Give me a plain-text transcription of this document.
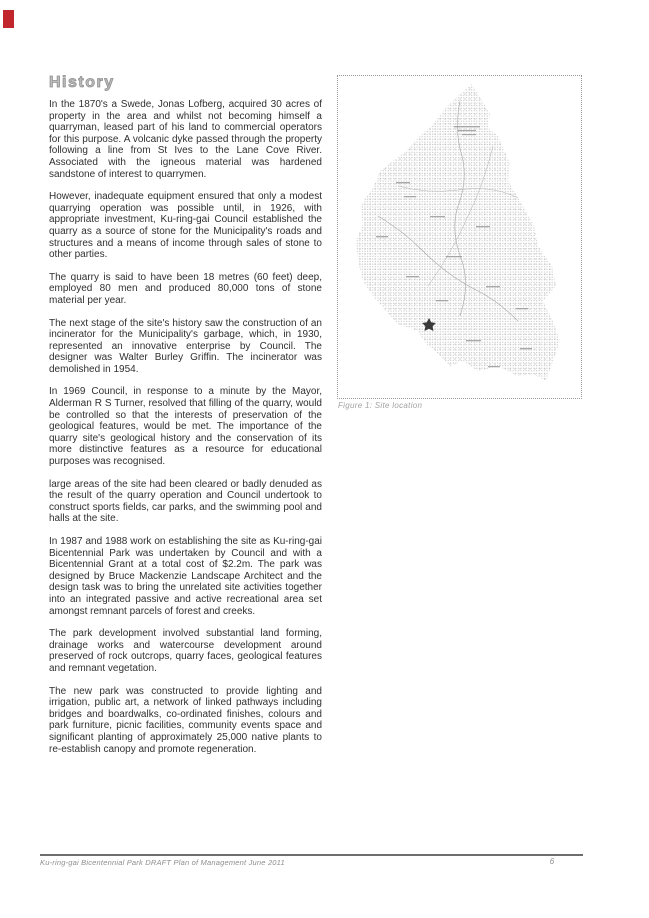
History

In the 1870's a Swede, Jonas Lofberg, acquired 30 acres of property in the area and whilst not becoming himself a quarryman, leased part of his land to commercial operators for this purpose. A volcanic dyke passed through the property following a line from St Ives to the Lane Cove River. Associated with the igneous material was hardened sandstone of interest to quarrymen.

However, inadequate equipment ensured that only a modest quarrying operation was possible until, in 1926, with appropriate investment, Ku-ring-gai Council established the quarry as a source of stone for the Municipality's roads and structures and a means of income through sales of stone to other parties.

The quarry is said to have been 18 metres (60 feet) deep, employed 80 men and produced 80,000 tons of stone material per year.

The next stage of the site's history saw the construction of an incinerator for the Municipality's garbage, which, in 1930, represented an innovative enterprise by Council. The designer was Walter Burley Griffin. The incinerator was demolished in 1954.

In 1969 Council, in response to a minute by the Mayor, Alderman R S Turner, resolved that filling of the quarry, would be controlled so that the interests of preservation of the geological features, would be met. The importance of the quarry site's geological history and the conservation of its more distinctive features as a resource for educational purposes was recognised.

large areas of the site had been cleared or badly denuded as the result of the quarry operation and Council undertook to construct sports fields, car parks, and the swimming pool and halls at the site.

In 1987 and 1988 work on establishing the site as Ku-ring-gai Bicentennial Park was undertaken by Council and with a Bicentennial Grant at a total cost of $2.2m. The park was designed by Bruce Mackenzie Landscape Architect and the design task was to bring the unrelated site activities together into an integrated passive and active recreational area set amongst remnant parcels of forest and creeks.

The park development involved substantial land forming, drainage works and watercourse development around preserved of rock outcrops, quarry faces, geological features and remnant vegetation.

The new park was constructed to provide lighting and irrigation, public art, a network of linked pathways including bridges and boardwalks, co-ordinated finishes, colours and park furniture, picnic facilities, community events space and significant planting of approximately 25,000 native plants to re-establish canopy and promote regeneration.

Figure 1: Site location
Ku-ring-gai Bicentennial Park DRAFT Plan of Management June 2011	6
